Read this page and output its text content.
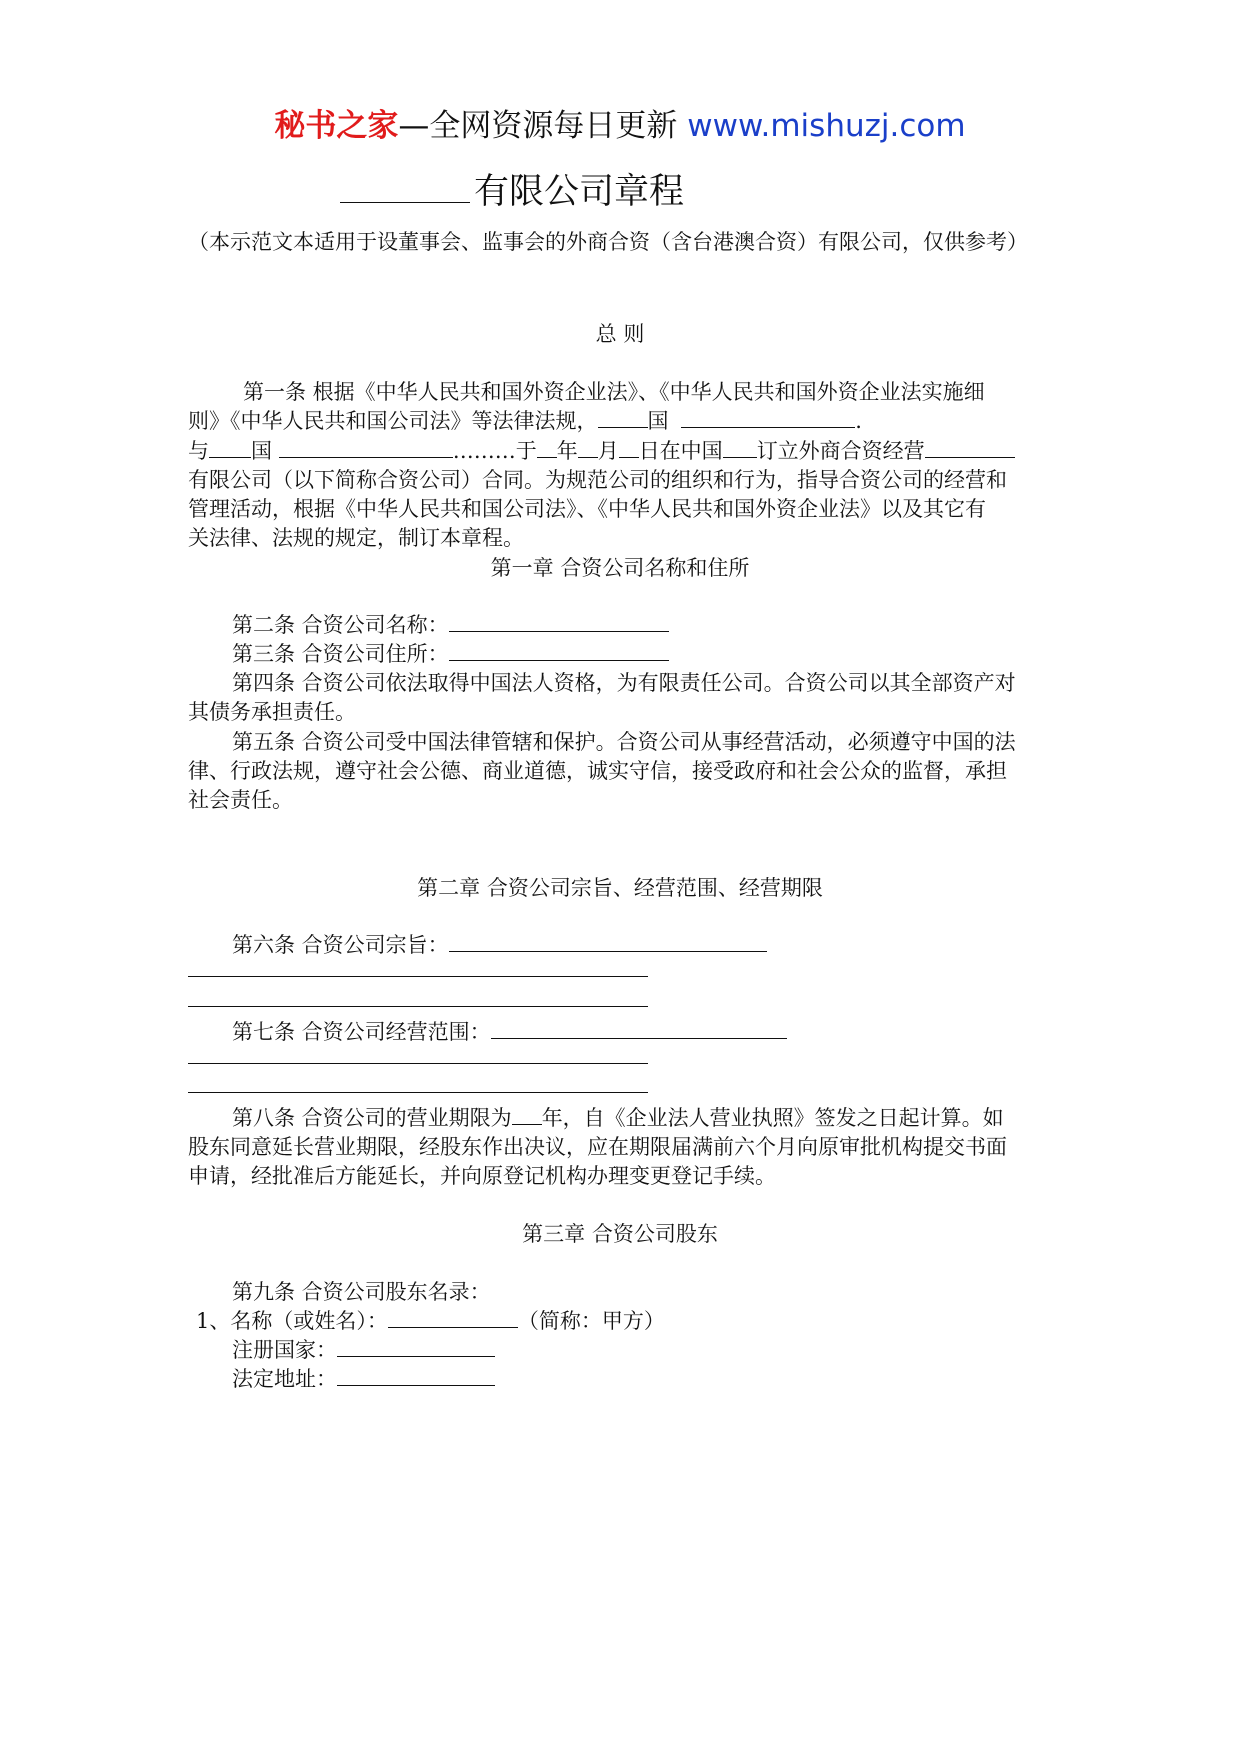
秘书之家—全网资源每日更新 www.mishuzj.com
有限公司章程
（本示范文本适用于设董事会、监事会的外商合资（含台港澳合资）有限公司，仅供参考）
总 则
第一条 根据《中华人民共和国外资企业法》、《中华人民共和国外资企业法实施细
则》《中华人民共和国公司法》等法律法规， 国	.
与 国	………于 年 月 日在中国 订立外商合资经营
有限公司（以下简称合资公司）合同。为规范公司的组织和行为，指导合资公司的经营和
管理活动，根据《中华人民共和国公司法》、《中华人民共和国外资企业法》以及其它有
关法律、法规的规定，制订本章程。
第一章 合资公司名称和住所
第二条 合资公司名称：
第三条 合资公司住所：
第四条 合资公司依法取得中国法人资格，为有限责任公司。合资公司以其全部资产对
其债务承担责任。
第五条 合资公司受中国法律管辖和保护。合资公司从事经营活动，必须遵守中国的法
律、行政法规，遵守社会公德、商业道德，诚实守信，接受政府和社会公众的监督，承担
社会责任。
第二章 合资公司宗旨、经营范围、经营期限
第六条 合资公司宗旨：
第七条 合资公司经营范围：
第八条 合资公司的营业期限为 年，自《企业法人营业执照》签发之日起计算。如
股东同意延长营业期限，经股东作出决议，应在期限届满前六个月向原审批机构提交书面
申请，经批准后方能延长，并向原登记机构办理变更登记手续。
第三章 合资公司股东
第九条 合资公司股东名录：
1、名称（或姓名）：	（简称：甲方）
注册国家：
法定地址：
